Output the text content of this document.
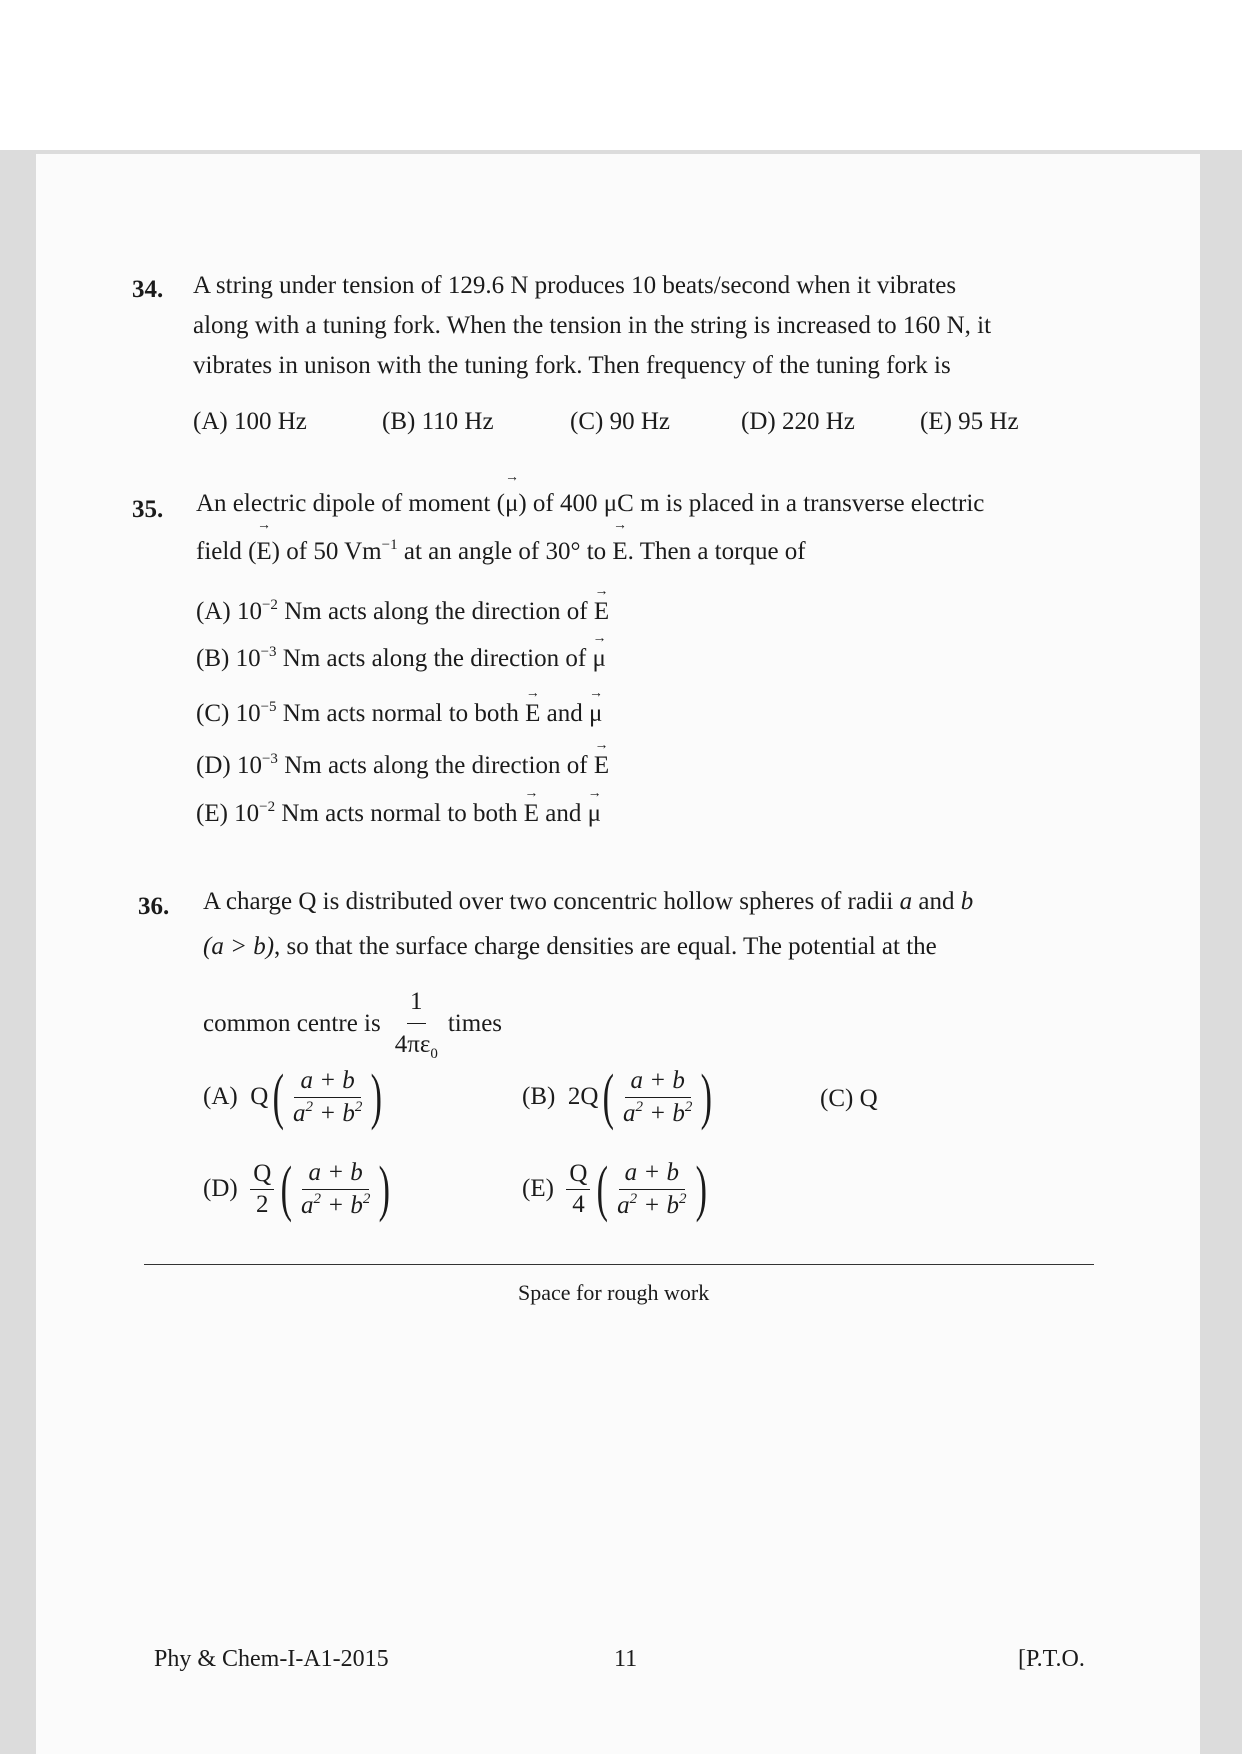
34. A string under tension of 129.6 N produces 10 beats/second when it vibrates
along with a tuning fork. When the tension in the string is increased to 160 N, it
vibrates in unison with the tuning fork. Then frequency of the tuning fork is
(A) 100 Hz	(B) 110 Hz	(C) 90 Hz	(D) 220 Hz	(E) 95 Hz
35. An electric dipole of moment (
→
μ) of 400 μC m is placed in a transverse electric
field (
→
E) of 50 $Vm^{-1}$ at an angle of 30° to
→
E. Then a torque of
(A) $10^{-2}$ Nm acts along the direction of
→
E
(B) $10^{-3}$ Nm acts along the direction of
→
μ
(C) $10^{-5}$ Nm acts normal to both
→
E and
→
μ
(D) $10^{-3}$ Nm acts along the direction of
→
E
(E) $10^{-2}$ Nm acts normal to both
→
E and
→
μ
36. A charge Q is distributed over two concentric hollow spheres of radii a and b
(a > b), so that the surface charge densities are equal. The potential at the
common centre is $\frac{1}{4\pi\varepsilon_0}$ times
(A)
Q ( $\frac{a + b}{a^2 + b^2}$ )	(B)
2Q ( $\frac{a + b}{a^2 + b^2}$ )	(C)
Q
(D)
$\frac{Q}{2}$ ( $\frac{a + b}{a^2 + b^2}$ )	(E)
$\frac{Q}{4}$ ( $\frac{a + b}{a^2 + b^2}$ )
Space for rough work
Phy & Chem-I-A1-2015	11	[P.T.O.
